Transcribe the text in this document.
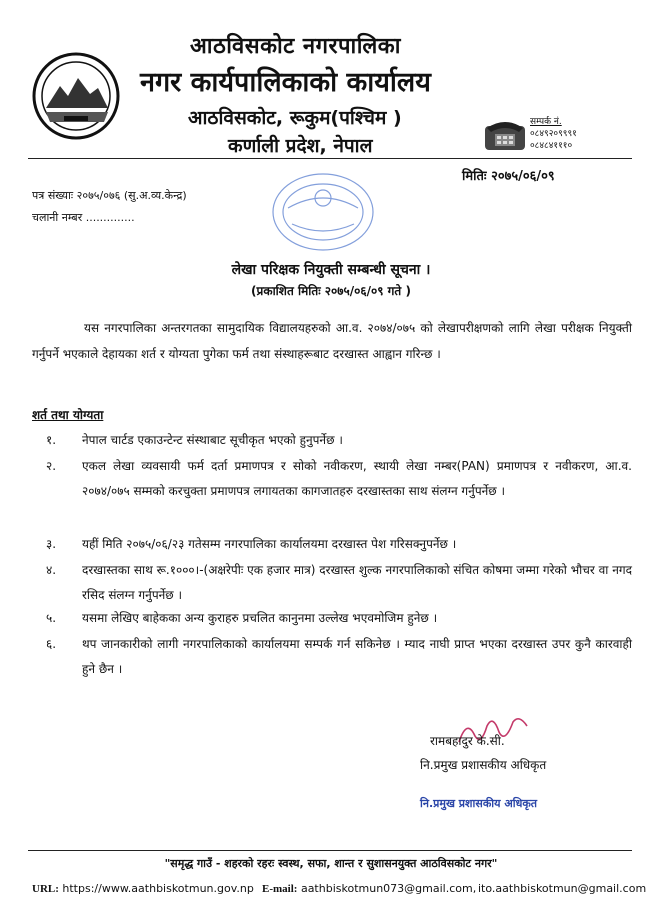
आठविसकोट नगरपालिका
नगर कार्यपालिकाको कार्यालय
आठविसकोट, रूकुम(पश्चिम )
कर्णाली प्रदेश, नेपाल
सम्पर्क नं.
०८४९२०९९९१
०८४८४१११०
मितिः २०७५/०६/०९
पत्र संख्याः २०७५/०७६ (सु.अ.व्य.केन्द्र)
चलानी नम्बर ..............
लेखा परिक्षक नियुक्ती सम्बन्धी सूचना ।
(प्रकाशित मितिः २०७५/०६/०९ गते )
यस नगरपालिका अन्तरगतका सामुदायिक विद्यालयहरुको आ.व. २०७४/०७५ को लेखापरीक्षणको लागि लेखा परीक्षक नियुक्ती गर्नुपर्ने भएकाले देहायका शर्त र योग्यता पुगेका फर्म तथा संस्थाहरूबाट दरखास्त आह्वान गरिन्छ ।
शर्त तथा योग्यता
१. नेपाल चार्टड एकाउन्टेन्ट संस्थाबाट सूचीकृत भएको हुनुपर्नेछ ।
२. एकल लेखा व्यवसायी फर्म दर्ता प्रमाणपत्र र सोको नवीकरण, स्थायी लेखा नम्बर(PAN) प्रमाणपत्र र नवीकरण, आ.व. २०७४/०७५ सम्मको करचुक्ता प्रमाणपत्र लगायतका कागजातहरु दरखास्तका साथ संलग्न गर्नुपर्नेछ ।
३. यहीं मिति २०७५/०६/२३ गतेसम्म नगरपालिका कार्यालयमा दरखास्त पेश गरिसक्नुपर्नेछ ।
४. दरखास्तका साथ रू.१०००।-(अक्षरेपीः एक हजार मात्र) दरखास्त शुल्क नगरपालिकाको संचित कोषमा जम्मा गरेको भौचर वा नगद रसिद संलग्न गर्नुपर्नेछ ।
५. यसमा लेखिए बाहेकका अन्य कुराहरु प्रचलित कानुनमा उल्लेख भएवमोजिम हुनेछ ।
६. थप जानकारीको लागी नगरपालिकाको कार्यालयमा सम्पर्क गर्न सकिनेछ । म्याद नाघी प्राप्त भएका दरखास्त उपर कुनै कारवाही हुने छैन ।
रामबहादुर के.सी.
नि.प्रमुख प्रशासकीय अधिकृत
नि.प्रमुख प्रशासकीय अधिकृत
"समृद्ध गाउँ - शहरको रहरः स्वस्थ, सफा, शान्त र सुशासनयुक्त आठविसकोट नगर"
URL: https://www.aathbiskotmun.gov.np E-mail: aathbiskotmun073@gmail.com, ito.aathbiskotmun@gmail.com
